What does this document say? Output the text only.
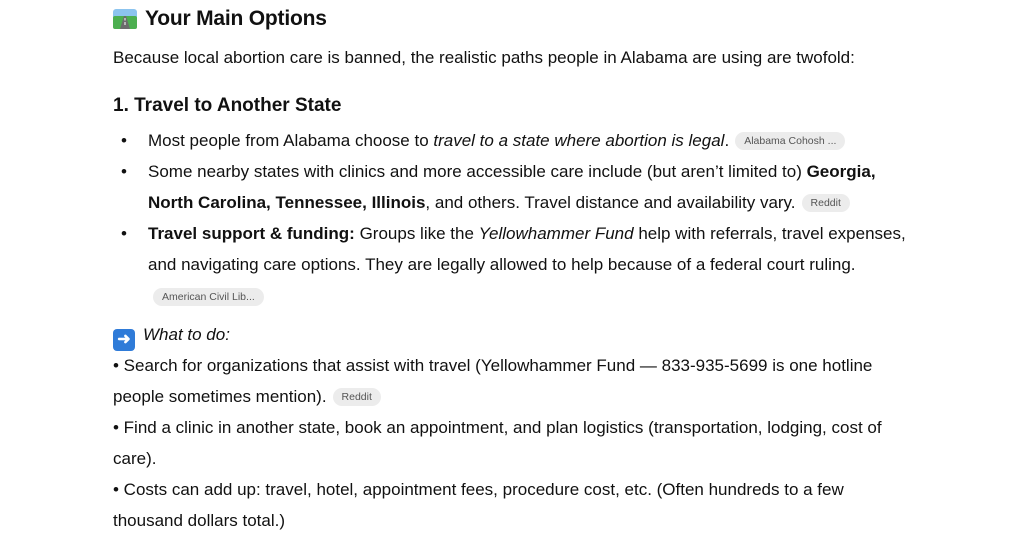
Your Main Options
Because local abortion care is banned, the realistic paths people in Alabama are using are twofold:
1. Travel to Another State
• Most people from Alabama choose to travel to a state where abortion is legal. Alabama Cohosh ...
• Some nearby states with clinics and more accessible care include (but aren’t limited to) Georgia,
North Carolina, Tennessee, Illinois, and others. Travel distance and availability vary. Reddit
• Travel support & funding: Groups like the Yellowhammer Fund help with referrals, travel expenses,
and navigating care options. They are legally allowed to help because of a federal court ruling.
American Civil Lib...
➜ What to do:
• Search for organizations that assist with travel (Yellowhammer Fund — 833-935-5699 is one hotline
people sometimes mention). Reddit
• Find a clinic in another state, book an appointment, and plan logistics (transportation, lodging, cost of
care).
• Costs can add up: travel, hotel, appointment fees, procedure cost, etc. (Often hundreds to a few
thousand dollars total.)
